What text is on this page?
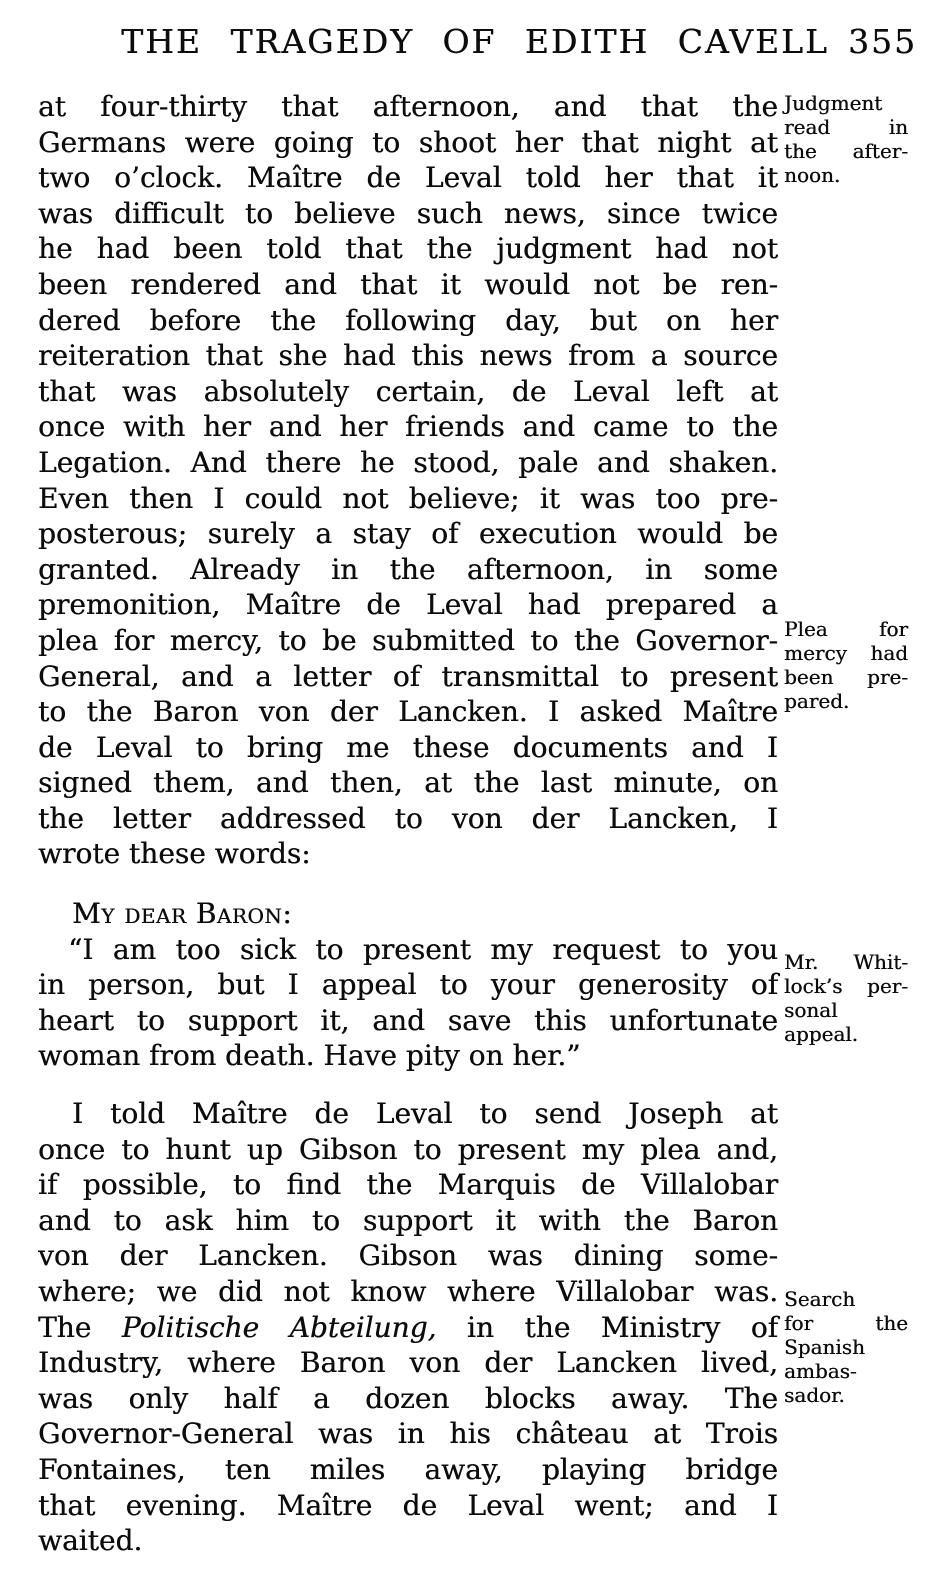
THE TRAGEDY OF EDITH CAVELL 355
at four-thirty that afternoon, and that the
Germans were going to shoot her that night at
two o’clock. Maître de Leval told her that it
was difficult to believe such news, since twice
he had been told that the judgment had not
been rendered and that it would not be ren-
dered before the following day, but on her
reiteration that she had this news from a source
that was absolutely certain, de Leval left at
once with her and her friends and came to the
Legation. And there he stood, pale and shaken.
Even then I could not believe; it was too pre-
posterous; surely a stay of execution would be
granted. Already in the afternoon, in some
premonition, Maître de Leval had prepared a
plea for mercy, to be submitted to the Governor-
General, and a letter of transmittal to present
to the Baron von der Lancken. I asked Maître
de Leval to bring me these documents and I
signed them, and then, at the last minute, on
the letter addressed to von der Lancken, I
wrote these words:
My dear Baron:
“I am too sick to present my request to you
in person, but I appeal to your generosity of
heart to support it, and save this unfortunate
woman from death. Have pity on her.”
I told Maître de Leval to send Joseph at
once to hunt up Gibson to present my plea and,
if possible, to find the Marquis de Villalobar
and to ask him to support it with the Baron
von der Lancken. Gibson was dining some-
where; we did not know where Villalobar was.
The Politische Abteilung, in the Ministry of
Industry, where Baron von der Lancken lived,
was only half a dozen blocks away. The
Governor-General was in his château at Trois
Fontaines, ten miles away, playing bridge
that evening. Maître de Leval went; and I
waited.
Judgment
read in
the after-
noon.
Plea for
mercy had
been pre-
pared.
Mr. Whit-
lock’s per-
sonal
appeal.
Search
for the
Spanish
ambas-
sador.
